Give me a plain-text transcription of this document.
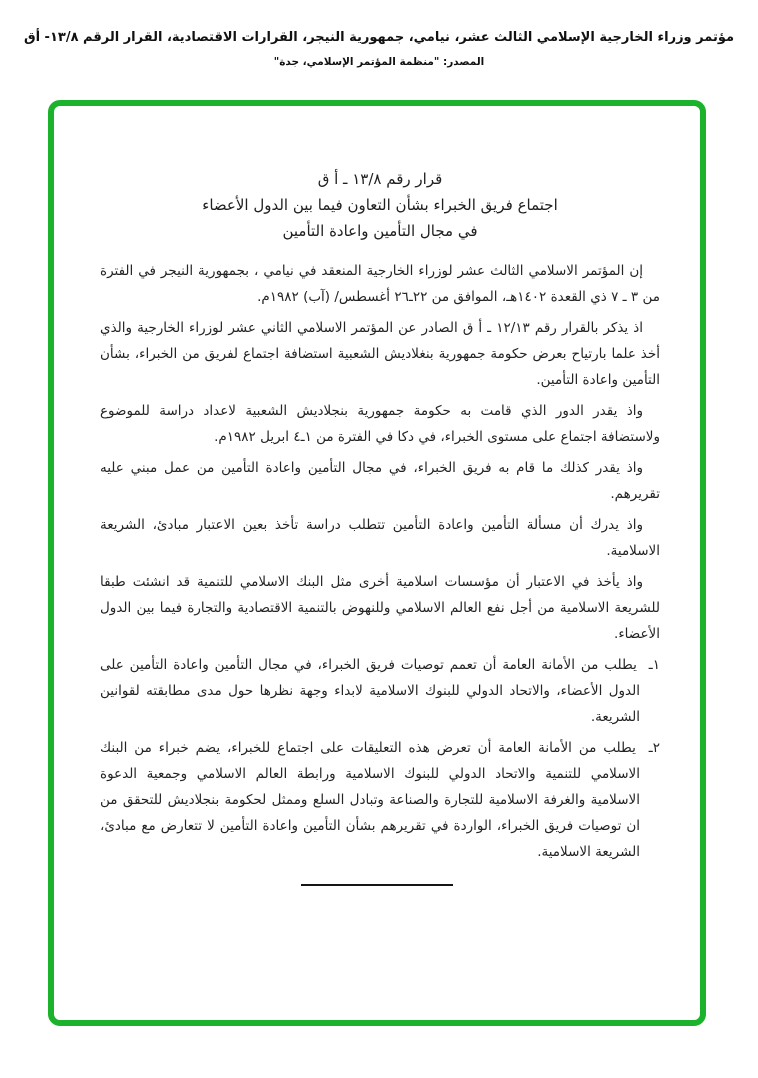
مؤتمر وزراء الخارجية الإسلامي الثالث عشر، نيامي، جمهورية النيجر، القرارات الاقتصادية، القرار الرقم ١٣/٨- أق
المصدر: "منظمة المؤتمر الإسلامي، جدة"
قرار رقم ١٣/٨ ـ أ ق
اجتماع فريق الخبراء بشأن التعاون فيما بين الدول الأعضاء
في مجال التأمين واعادة التأمين

إن المؤتمر الاسلامي الثالث عشر لوزراء الخارجية المنعقد في نيامي ، بجمهورية النيجر في الفترة من ٣ ـ ٧ ذي القعدة ١٤٠٢هـ، الموافق من ٢٢ـ٢٦ أغسطس/ (آب) ١٩٨٢م.

اذ يذكر بالقرار رقم ١٢/١٣ ـ أ ق الصادر عن المؤتمر الاسلامي الثاني عشر لوزراء الخارجية والذي أخذ علما بارتياح بعرض حكومة جمهورية بنغلاديش الشعبية استضافة اجتماع لفريق من الخبراء، بشأن التأمين واعادة التأمين.

واذ يقدر الدور الذي قامت به حكومة جمهورية بنجلاديش الشعبية لاعداد دراسة للموضوع ولاستضافة اجتماع على مستوى الخبراء، في دكا في الفترة من ١ـ٤ ابريل ١٩٨٢م.

واذ يقدر كذلك ما قام به فريق الخبراء، في مجال التأمين واعادة التأمين من عمل مبني عليه تقريرهم.

واذ يدرك أن مسألة التأمين واعادة التأمين تتطلب دراسة تأخذ بعين الاعتبار مبادئ، الشريعة الاسلامية.

واذ يأخذ في الاعتبار أن مؤسسات اسلامية أخرى مثل البنك الاسلامي للتنمية قد انشئت طبقا للشريعة الاسلامية من أجل نفع العالم الاسلامي وللنهوض بالتنمية الاقتصادية والتجارة فيما بين الدول الأعضاء.

١ـ يطلب من الأمانة العامة أن تعمم توصيات فريق الخبراء، في مجال التأمين واعادة التأمين على الدول الأعضاء، والاتحاد الدولي للبنوك الاسلامية لابداء وجهة نظرها حول مدى مطابقته لقوانين الشريعة.

٢ـ يطلب من الأمانة العامة أن تعرض هذه التعليقات على اجتماع للخبراء، يضم خبراء من البنك الاسلامي للتنمية والاتحاد الدولي للبنوك الاسلامية ورابطة العالم الاسلامي وجمعية الدعوة الاسلامية والغرفة الاسلامية للتجارة والصناعة وتبادل السلع وممثل لحكومة بنجلاديش للتحقق من ان توصيات فريق الخبراء، الواردة في تقريرهم بشأن التأمين واعادة التأمين لا تتعارض مع مبادئ، الشريعة الاسلامية.
